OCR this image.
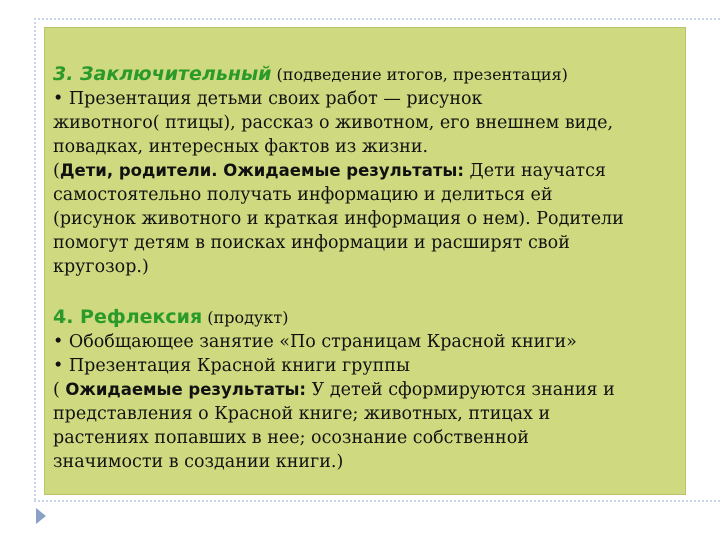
3. Заключительный (подведение итогов, презентация)
• Презентация детьми своих работ — рисунок
животного( птицы), рассказ о животном, его внешнем виде,
повадках, интересных фактов из жизни.
(Дети, родители. Ожидаемые результаты: Дети научатся
самостоятельно получать информацию и делиться ей
(рисунок животного и краткая информация о нем). Родители
помогут детям в поисках информации и расширят свой
кругозор.)
4. Рефлексия (продукт)
• Обобщающее занятие «По страницам Красной книги»
• Презентация Красной книги группы
( Ожидаемые результаты: У детей сформируются знания и
представления о Красной книге; животных, птицах и
растениях попавших в нее; осознание собственной
значимости в создании книги.)
